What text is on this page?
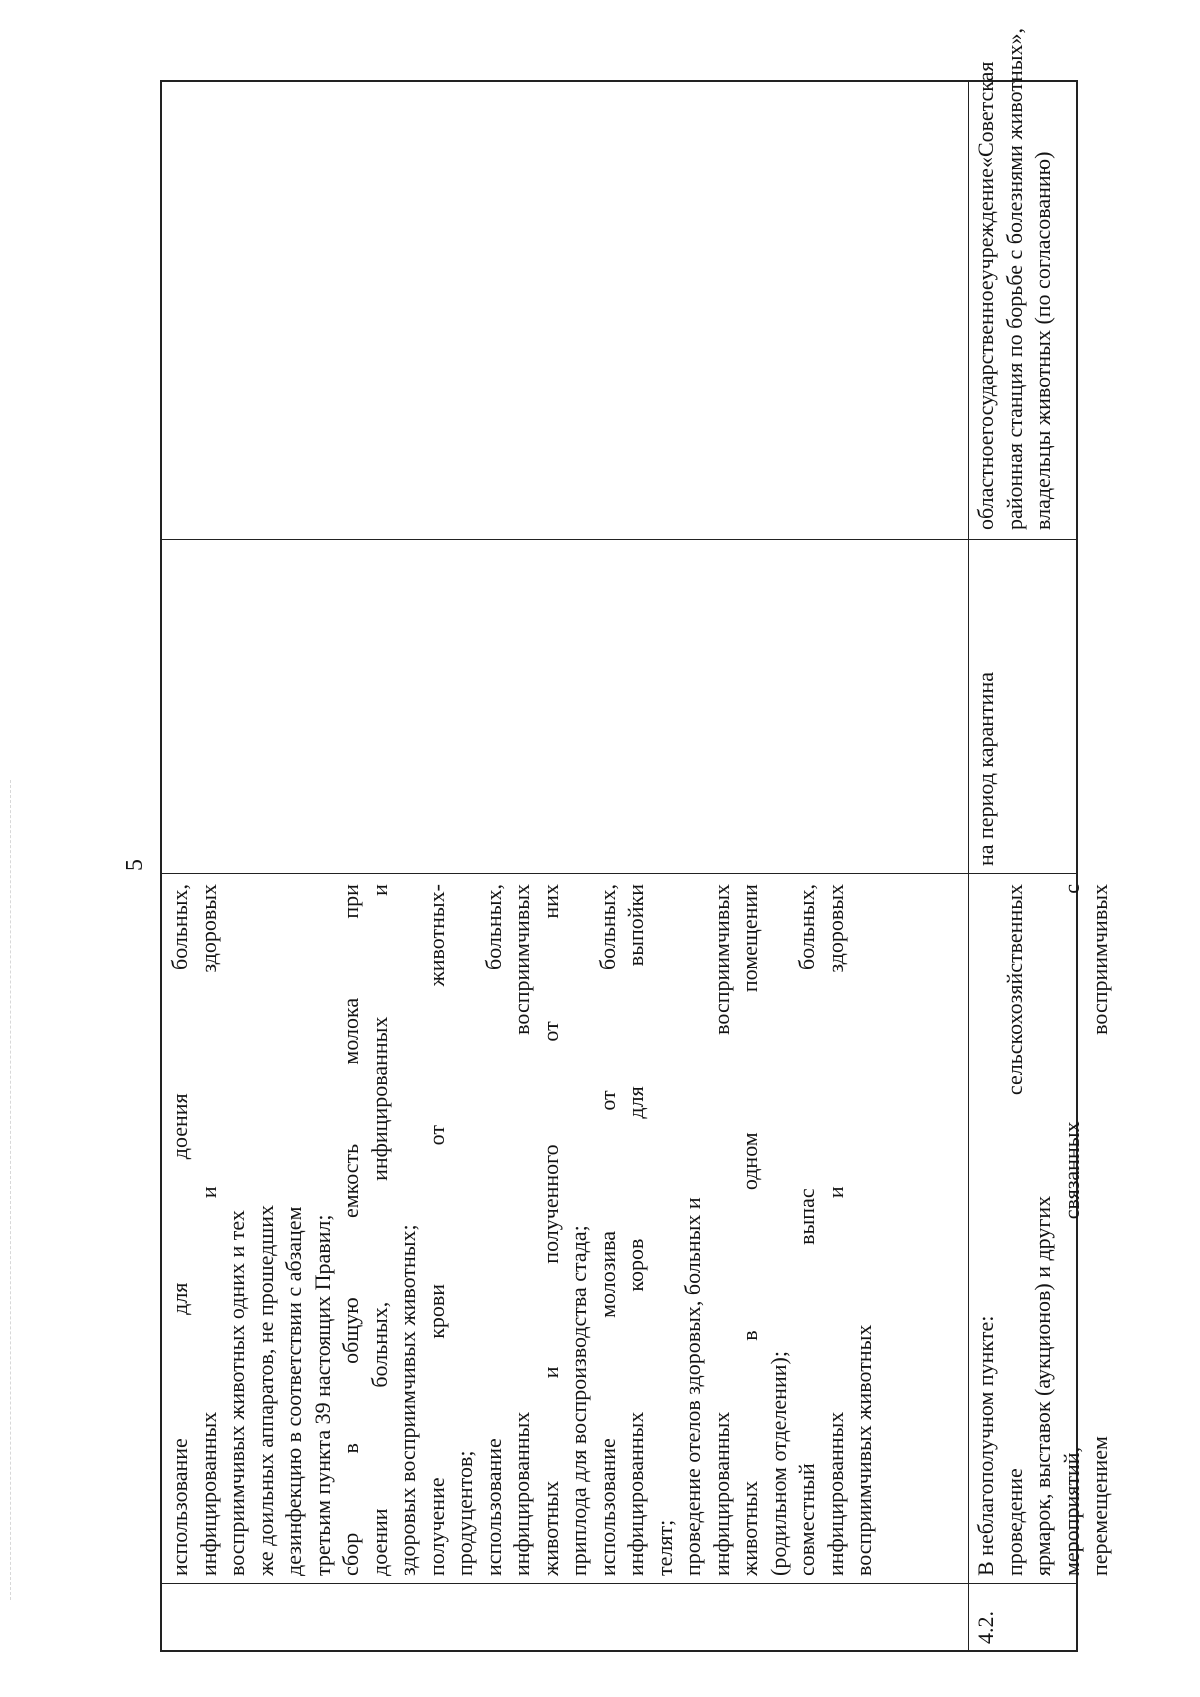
5
использование
для
доения
больных,
инфицированных
и
здоровых
восприимчивых животных одних и тех же доильных аппаратов, не прошедших дезинфекцию в соответствии с абзацем третьим пункта 39 настоящих Правил; сбор
в
общую
емкость
молока
при
доении
больных,
инфицированных
и
здоровых восприимчивых животных; получение
крови
от
животных-
продуцентов; использование
больных,
инфицированных
восприимчивых
животных
и
полученного
от
них
приплода для воспроизводства стада; использование
молозива
от
больных,
инфицированных
коров
для
выпойки
телят; проведение отелов здоровых, больных и инфицированных
восприимчивых
животных
в
одном
помещении
(родильном отделении); совместный
выпас
больных,
инфицированных
и
здоровых
восприимчивых животных
4.2.
В неблагополучном пункте: проведение
сельскохозяйственных
ярмарок, выставок (аукционов) и других мероприятий,
связанных
с
перемещением
восприимчивых
на период карантина
областное
государственное
учреждение
«Советская районная станция по борьбе с болезнями животных», владельцы животных (по согласованию)
